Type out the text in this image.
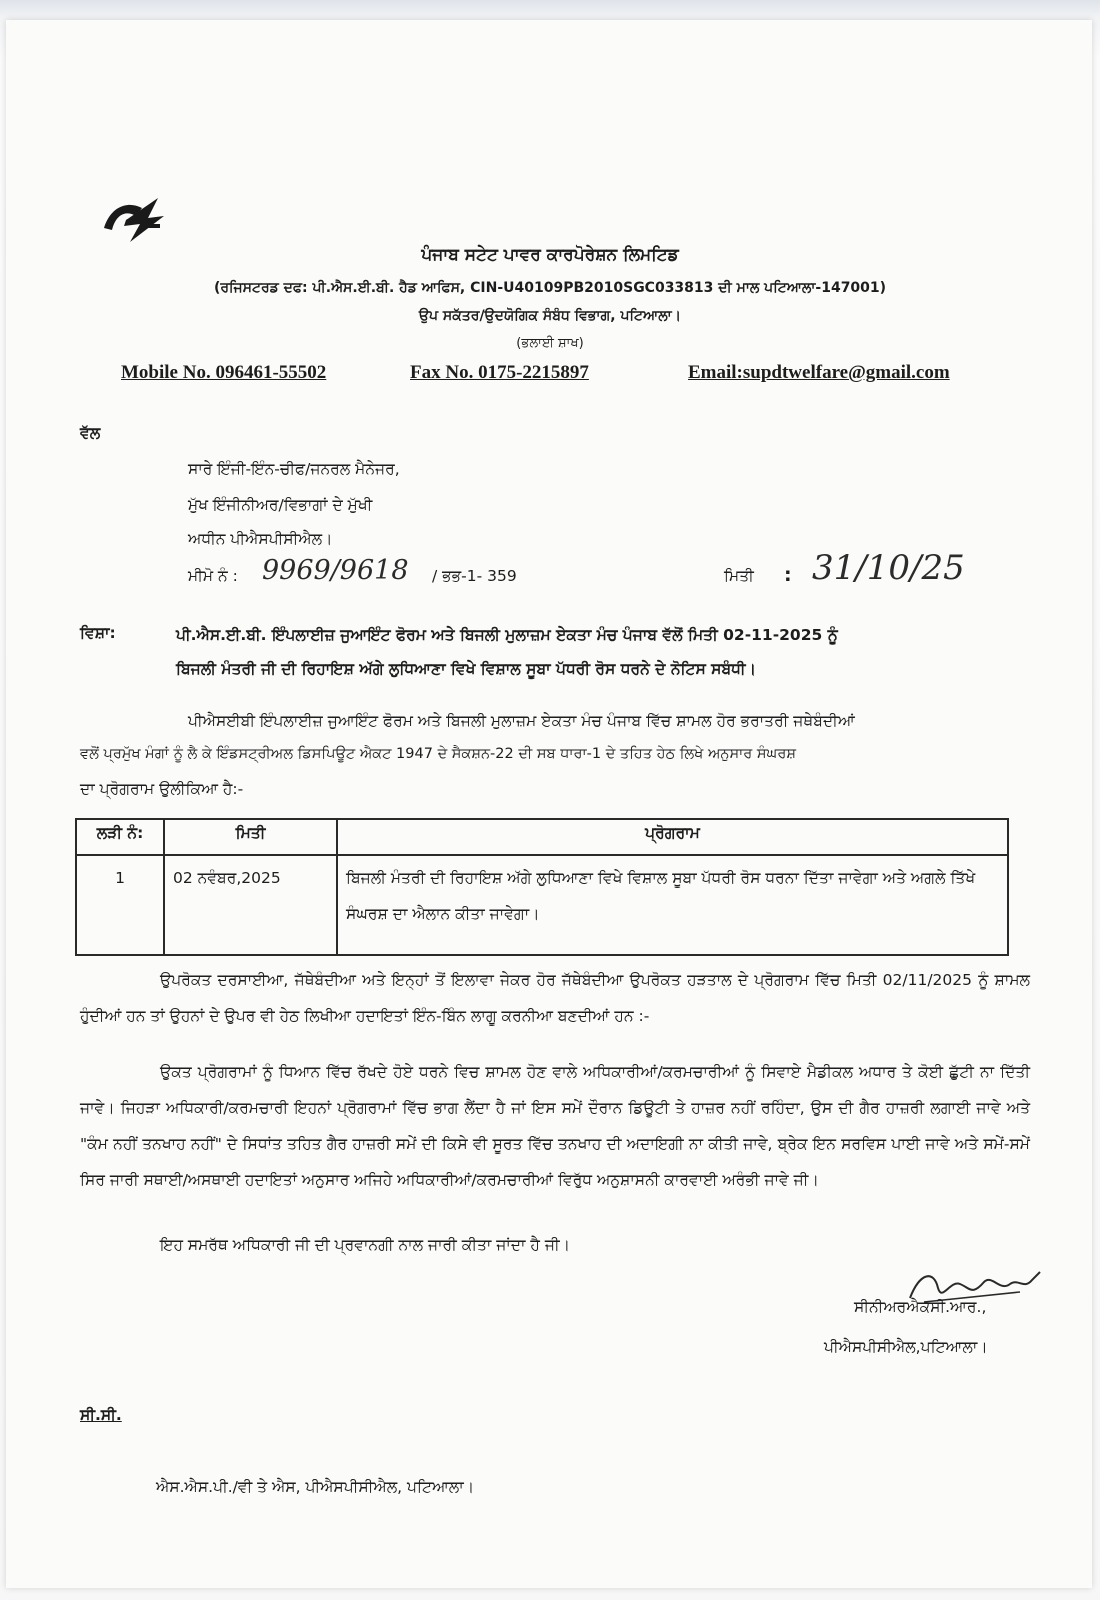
ਪੰਜਾਬ ਸਟੇਟ ਪਾਵਰ ਕਾਰਪੋਰੇਸ਼ਨ ਲਿਮਟਿਡ
(ਰਜਿਸਟਰਡ ਦਫ: ਪੀ.ਐਸ.ਈ.ਬੀ. ਹੈਡ ਆਫਿਸ, CIN-U40109PB2010SGC033813 ਦੀ ਮਾਲ ਪਟਿਆਲਾ-147001)
ਉਪ ਸਕੱਤਰ/ਉਦਯੋਗਿਕ ਸੰਬੰਧ ਵਿਭਾਗ, ਪਟਿਆਲਾ।
(ਭਲਾਈ ਸ਼ਾਖ)
Mobile No. 096461-55502	Fax No. 0175-2215897	Email:supdtwelfare@gmail.com
ਵੱਲ
ਸਾਰੇ ਇੰਜੀ-ਇੰਨ-ਚੀਫ/ਜਨਰਲ ਮੈਨੇਜਰ,
ਮੁੱਖ ਇੰਜੀਨੀਅਰ/ਵਿਭਾਗਾਂ ਦੇ ਮੁੱਖੀ
ਅਧੀਨ ਪੀਐਸਪੀਸੀਐਲ।
ਮੀਮੋ ਨੰ : 9969/9618 / ਭਭ-1- 359	ਮਿਤੀ : 31/10/25
ਵਿਸ਼ਾ:	ਪੀ.ਐਸ.ਈ.ਬੀ. ਇੰਪਲਾਈਜ਼ ਜੁਆਇੰਟ ਫੋਰਮ ਅਤੇ ਬਿਜਲੀ ਮੁਲਾਜ਼ਮ ਏਕਤਾ ਮੰਚ ਪੰਜਾਬ ਵੱਲੋਂ ਮਿਤੀ 02-11-2025 ਨੂੰ
ਬਿਜਲੀ ਮੰਤਰੀ ਜੀ ਦੀ ਰਿਹਾਇਸ਼ ਅੱਗੇ ਲੁਧਿਆਣਾ ਵਿਖੇ ਵਿਸ਼ਾਲ ਸੂਬਾ ਪੱਧਰੀ ਰੋਸ ਧਰਨੇ ਦੇ ਨੋਟਿਸ ਸਬੰਧੀ।
ਪੀਐਸਈਬੀ ਇੰਪਲਾਈਜ਼ ਜੁਆਇੰਟ ਫੋਰਮ ਅਤੇ ਬਿਜਲੀ ਮੁਲਾਜ਼ਮ ਏਕਤਾ ਮੰਚ ਪੰਜਾਬ ਵਿੱਚ ਸ਼ਾਮਲ ਹੋਰ ਭਰਾਤਰੀ ਜਥੇਬੰਦੀਆਂ
ਵਲੋਂ ਪ੍ਰਮੁੱਖ ਮੰਗਾਂ ਨੂੰ ਲੈ ਕੇ ਇੰਡਸਟ੍ਰੀਅਲ ਡਿਸਪਿਊਟ ਐਕਟ 1947 ਦੇ ਸੈਕਸ਼ਨ-22 ਦੀ ਸਬ ਧਾਰਾ-1 ਦੇ ਤਹਿਤ ਹੇਠ ਲਿਖੇ ਅਨੁਸਾਰ ਸੰਘਰਸ਼
ਦਾ ਪ੍ਰੋਗਰਾਮ ਉਲੀਕਿਆ ਹੈ:-
ਲੜੀ ਨੰ:	ਮਿਤੀ	ਪ੍ਰੋਗਰਾਮ
1	02 ਨਵੰਬਰ,2025	ਬਿਜਲੀ ਮੰਤਰੀ ਦੀ ਰਿਹਾਇਸ਼ ਅੱਗੇ ਲੁਧਿਆਣਾ ਵਿਖੇ ਵਿਸ਼ਾਲ ਸੂਬਾ ਪੱਧਰੀ ਰੋਸ ਧਰਨਾ ਦਿੱਤਾ ਜਾਵੇਗਾ ਅਤੇ ਅਗਲੇ ਤਿੱਖੇ ਸੰਘਰਸ਼ ਦਾ ਐਲਾਨ ਕੀਤਾ ਜਾਵੇਗਾ।
ਉਪਰੋਕਤ ਦਰਸਾਈਆ, ਜੱਥੇਬੰਦੀਆ ਅਤੇ ਇਨ੍ਹਾਂ ਤੋਂ ਇਲਾਵਾ ਜੇਕਰ ਹੋਰ ਜੱਥੇਬੰਦੀਆ ਉਪਰੋਕਤ ਹੜਤਾਲ ਦੇ ਪ੍ਰੋਗਰਾਮ ਵਿੱਚ ਮਿਤੀ 02/11/2025 ਨੂੰ ਸ਼ਾਮਲ ਹੁੰਦੀਆਂ ਹਨ ਤਾਂ ਉਹਨਾਂ ਦੇ ਉਪਰ ਵੀ ਹੇਠ ਲਿਖੀਆ ਹਦਾਇਤਾਂ ਇੰਨ-ਬਿੰਨ ਲਾਗੂ ਕਰਨੀਆ ਬਣਦੀਆਂ ਹਨ :-
ਉਕਤ ਪ੍ਰੋਗਰਾਮਾਂ ਨੂੰ ਧਿਆਨ ਵਿੱਚ ਰੱਖਦੇ ਹੋਏ ਧਰਨੇ ਵਿਚ ਸ਼ਾਮਲ ਹੋਣ ਵਾਲੇ ਅਧਿਕਾਰੀਆਂ/ਕਰਮਚਾਰੀਆਂ ਨੂੰ ਸਿਵਾਏ ਮੈਡੀਕਲ ਅਧਾਰ ਤੇ ਕੋਈ ਛੁੱਟੀ ਨਾ ਦਿੱਤੀ ਜਾਵੇ। ਜਿਹੜਾ ਅਧਿਕਾਰੀ/ਕਰਮਚਾਰੀ ਇਹਨਾਂ ਪ੍ਰੋਗਰਾਮਾਂ ਵਿੱਚ ਭਾਗ ਲੈਂਦਾ ਹੈ ਜਾਂ ਇਸ ਸਮੇਂ ਦੌਰਾਨ ਡਿਊਟੀ ਤੇ ਹਾਜ਼ਰ ਨਹੀਂ ਰਹਿੰਦਾ, ਉਸ ਦੀ ਗੈਰ ਹਾਜ਼ਰੀ ਲਗਾਈ ਜਾਵੇ ਅਤੇ "ਕੰਮ ਨਹੀਂ ਤਨਖਾਹ ਨਹੀਂ" ਦੇ ਸਿਧਾਂਤ ਤਹਿਤ ਗੈਰ ਹਾਜ਼ਰੀ ਸਮੇਂ ਦੀ ਕਿਸੇ ਵੀ ਸੂਰਤ ਵਿੱਚ ਤਨਖਾਹ ਦੀ ਅਦਾਇਗੀ ਨਾ ਕੀਤੀ ਜਾਵੇ, ਬ੍ਰੇਕ ਇਨ ਸਰਵਿਸ ਪਾਈ ਜਾਵੇ ਅਤੇ ਸਮੇਂ-ਸਮੇਂ ਸਿਰ ਜਾਰੀ ਸਥਾਈ/ਅਸਥਾਈ ਹਦਾਇਤਾਂ ਅਨੁਸਾਰ ਅਜਿਹੇ ਅਧਿਕਾਰੀਆਂ/ਕਰਮਚਾਰੀਆਂ ਵਿਰੁੱਧ ਅਨੁਸ਼ਾਸਨੀ ਕਾਰਵਾਈ ਅਰੰਭੀ ਜਾਵੇ ਜੀ।
ਇਹ ਸਮਰੱਥ ਅਧਿਕਾਰੀ ਜੀ ਦੀ ਪ੍ਰਵਾਨਗੀ ਨਾਲ ਜਾਰੀ ਕੀਤਾ ਜਾਂਦਾ ਹੈ ਜੀ।
ਸੀਨੀਅਰਐਕਸੀ.ਆਰ.,
ਪੀਐਸਪੀਸੀਐਲ,ਪਟਿਆਲਾ।
ਸੀ.ਸੀ.
ਐਸ.ਐਸ.ਪੀ./ਵੀ ਤੇ ਐਸ, ਪੀਐਸਪੀਸੀਐਲ, ਪਟਿਆਲਾ।
